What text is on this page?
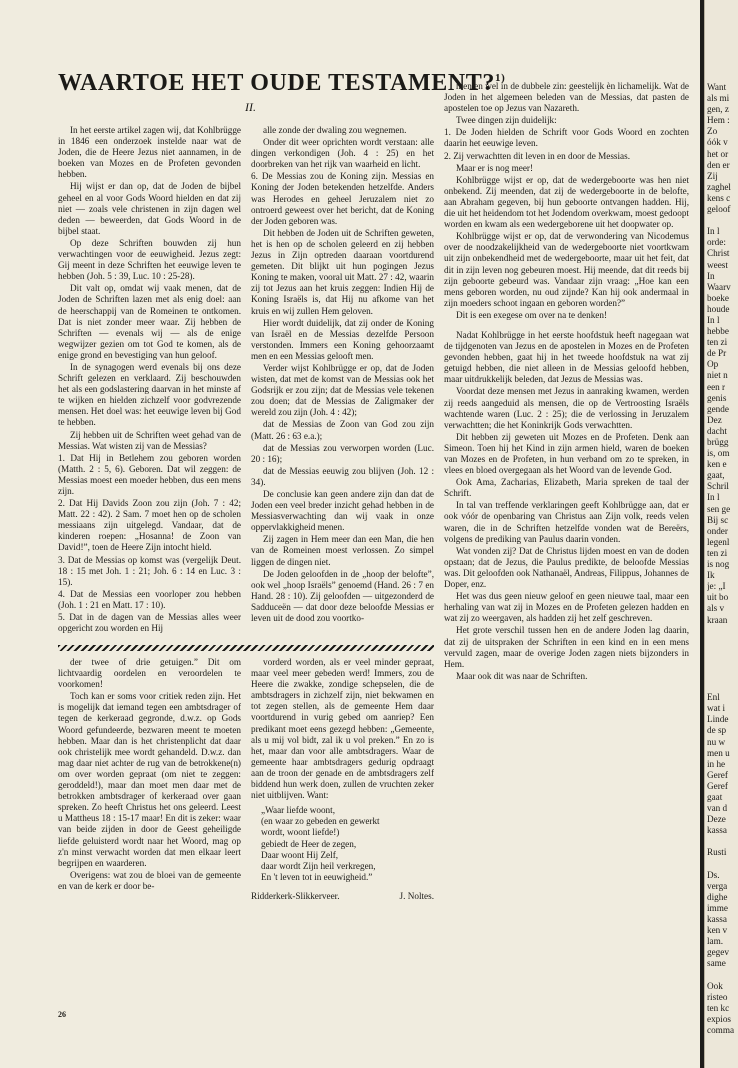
WAARTOE HET OUDE TESTAMENT?$^{1)}$
II.

In het eerste artikel zagen wij, dat Kohlbrügge in 1846 een onderzoek instelde naar wat de Joden, die de Heere Jezus niet aannamen, in de boeken van Mozes en de Profeten gevonden hebben.

Hij wijst er dan op, dat de Joden de bijbel geheel en al voor Gods Woord hielden en dat zij niet — zoals vele christenen in zijn dagen wel deden — beweerden, dat Gods Woord in de bijbel staat.

Op deze Schriften bouwden zij hun verwachtingen voor de eeuwigheid. Jezus zegt: Gij meent in deze Schriften het eeuwige leven te hebben (Joh. 5 : 39, Luc. 10 : 25-28).

Dit valt op, omdat wij vaak menen, dat de Joden de Schriften lazen met als enig doel: aan de heerschappij van de Romeinen te ontkomen. Dat is niet zonder meer waar. Zij hebben de Schriften — evenals wij — als de enige wegwijzer gezien om tot God te komen, als de enige grond en bevestiging van hun geloof.

In de synagogen werd evenals bij ons deze Schrift gelezen en verklaard. Zij beschouwden het als een godslastering daarvan in het minste af te wijken en hielden zichzelf voor godvrezende mensen. Het doel was: het eeuwige leven bij God te hebben.

Zij hebben uit de Schriften weet gehad van de Messias. Wat wisten zij van de Messias?

1. Dat Hij in Betlehem zou geboren worden (Matth. 2 : 5, 6). Geboren. Dat wil zeggen: de Messias moest een moeder hebben, dus een mens zijn.

2. Dat Hij Davids Zoon zou zijn (Joh. 7 : 42; Matt. 22 : 42). 2 Sam. 7 moet hen op de scholen messiaans zijn uitgelegd. Vandaar, dat de kinderen roepen: „Hosanna! de Zoon van David!”, toen de Heere Zijn intocht hield.

3. Dat de Messias op komst was (vergelijk Deut. 18 : 15 met Joh. 1 : 21; Joh. 6 : 14 en Luc. 3 : 15).

4. Dat de Messias een voorloper zou hebben (Joh. 1 : 21 en Matt. 17 : 10).

5. Dat in de dagen van de Messias alles weer opgericht zou worden en Hij

alle zonde der dwaling zou wegnemen.

Onder dit weer oprichten wordt verstaan: alle dingen verkondigen (Joh. 4 : 25) en het doorbreken van het rijk van waarheid en licht.

6. De Messias zou de Koning zijn. Messias en Koning der Joden betekenden hetzelfde. Anders was Herodes en geheel Jeruzalem niet zo ontroerd geweest over het bericht, dat de Koning der Joden geboren was.

Dit hebben de Joden uit de Schriften geweten, het is hen op de scholen geleerd en zij hebben Jezus in Zijn optreden daaraan voortdurend gemeten. Dit blijkt uit hun pogingen Jezus Koning te maken, vooral uit Matt. 27 : 42, waarin zij tot Jezus aan het kruis zeggen: Indien Hij de Koning Israëls is, dat Hij nu afkome van het kruis en wij zullen Hem geloven.

Hier wordt duidelijk, dat zij onder de Koning van Israël en de Messias dezelfde Persoon verstonden. Immers een Koning gehoorzaamt men en een Messias gelooft men.

Verder wijst Kohlbrügge er op, dat de Joden wisten, dat met de komst van de Messias ook het Godsrijk er zou zijn; dat de Messias vele tekenen zou doen; dat de Messias de Zaligmaker der wereld zou zijn (Joh. 4 : 42);

dat de Messias de Zoon van God zou zijn (Matt. 26 : 63 e.a.);

dat de Messias zou verworpen worden (Luc. 20 : 16);

dat de Messias eeuwig zou blijven (Joh. 12 : 34).

De conclusie kan geen andere zijn dan dat de Joden een veel breder inzicht gehad hebben in de Messiasverwachting dan wij vaak in onze oppervlakkigheid menen.

Zij zagen in Hem meer dan een Man, die hen van de Romeinen moest verlossen. Zo simpel liggen de dingen niet.

De Joden geloofden in de „hoop der belofte”, ook wel „hoop Israëls” genoemd (Hand. 26 : 7 en Hand. 28 : 10). Zij geloofden — uitgezonderd de Sadduceën — dat door deze beloofde Messias er leven uit de dood zou voortko-

men en wel in de dubbele zin: geestelijk èn lichamelijk. Wat de Joden in het algemeen beleden van de Messias, dat pasten de apostelen toe op Jezus van Nazareth.

Twee dingen zijn duidelijk:

1. De Joden hielden de Schrift voor Gods Woord en zochten daarin het eeuwige leven.

2. Zij verwachtten dit leven in en door de Messias.

Maar er is nog meer!

Kohlbrügge wijst er op, dat de wedergeboorte was hen niet onbekend. Zij meenden, dat zij de wedergeboorte in de belofte, aan Abraham gegeven, bij hun geboorte ontvangen hadden. Hij, die uit het heidendom tot het Jodendom overkwam, moest gedoopt worden en kwam als een wedergeborene uit het doopwater op.

Kohlbrügge wijst er op, dat de verwondering van Nicodemus over de noodzakelijkheid van de wedergeboorte niet voortkwam uit zijn onbekendheid met de wedergeboorte, maar uit het feit, dat dit in zijn leven nog gebeuren moest. Hij meende, dat dit reeds bij zijn geboorte gebeurd was. Vandaar zijn vraag: „Hoe kan een mens geboren worden, nu oud zijnde? Kan hij ook andermaal in zijn moeders schoot ingaan en geboren worden?”

Dit is een exegese om over na te denken!

Nadat Kohlbrügge in het eerste hoofdstuk heeft nagegaan wat de tijdgenoten van Jezus en de apostelen in Mozes en de Profeten gevonden hebben, gaat hij in het tweede hoofdstuk na wat zij getuigd hebben, die niet alleen in de Messias geloofd hebben, maar uitdrukkelijk beleden, dat Jezus de Messias was.

Voordat deze mensen met Jezus in aanraking kwamen, werden zij reeds aangeduid als mensen, die op de Vertroosting Israëls wachtende waren (Luc. 2 : 25); die de verlossing in Jeruzalem verwachtten; die het Koninkrijk Gods verwachtten.

Dit hebben zij geweten uit Mozes en de Profeten. Denk aan Simeon. Toen hij het Kind in zijn armen hield, waren de boeken van Mozes en de Profeten, in hun verband om zo te spreken, in vlees en bloed overgegaan als het Woord van de levende God.

Ook Ama, Zacharias, Elizabeth, Maria spreken de taal der Schrift.

In tal van treffende verklaringen geeft Kohlbrügge aan, dat er ook vóór de openbaring van Christus aan Zijn volk, reeds velen waren, die in de Schriften hetzelfde vonden wat de Bereërs, volgens de prediking van Paulus daarin vonden.

Wat vonden zij? Dat de Christus lijden moest en van de doden opstaan; dat de Jezus, die Paulus predikte, de beloofde Messias was. Dit geloofden ook Nathanaël, Andreas, Filippus, Johannes de Doper, enz.

Het was dus geen nieuw geloof en geen nieuwe taal, maar een herhaling van wat zij in Mozes en de Profeten gelezen hadden en wat zij zo weergaven, als hadden zij het zelf geschreven.

Het grote verschil tussen hen en de andere Joden lag daarin, dat zij de uitspraken der Schriften in een kind en in een mens vervuld zagen, maar de overige Joden zagen niets bijzonders in Hem.

Maar ook dit was naar de Schriften.

der twee of drie getuigen.” Dit om lichtvaardig oordelen en veroordelen te voorkomen!

Toch kan er soms voor critiek reden zijn. Het is mogelijk dat iemand tegen een ambtsdrager of tegen de kerkeraad gegronde, d.w.z. op Gods Woord gefundeerde, bezwaren meent te moeten hebben. Maar dan is het christenplicht dat daar ook christelijk mee wordt gehandeld. D.w.z. dan mag daar niet achter de rug van de betrokkene(n) om over worden gepraat (om niet te zeggen: geroddeld!), maar dan moet men daar met de betrokken ambtsdrager of kerkeraad over gaan spreken. Zo heeft Christus het ons geleerd. Leest u Mattheus 18 : 15-17 maar! En dit is zeker: waar van beide zijden in door de Geest geheiligde liefde geluisterd wordt naar het Woord, mag op z'n minst verwacht worden dat men elkaar leert begrijpen en waarderen.

Overigens: wat zou de bloei van de gemeente en van de kerk er door be-

vorderd worden, als er veel minder gepraat, maar veel meer gebeden werd! Immers, zou de Heere die zwakke, zondige schepselen, die de ambtsdragers in zichzelf zijn, niet bekwamen en tot zegen stellen, als de gemeente Hem daar voortdurend in vurig gebed om aanriep? Een predikant moet eens gezegd hebben: „Gemeente, als u mij vol bidt, zal ik u vol preken.” En zo is het, maar dan voor alle ambtsdragers. Waar de gemeente haar ambtsdragers gedurig opdraagt aan de troon der genade en de ambtsdragers zelf biddend hun werk doen, zullen de vruchten zeker niet uitblijven. Want:

„Waar liefde woont,
(en waar zo gebeden en gewerkt
wordt, woont liefde!)
gebiedt de Heer de zegen,
Daar woont Hij Zelf,
daar wordt Zijn heil verkregen,
En 't leven tot in eeuwigheid.”
Ridderkerk-Slikkerveer.	J. Noltes.
26
Want
als mi
gen, z
Hem :
Zo
óók v
het or
den er
Zij
zaghel
kens c
geloof

In l
orde:
Christ
weest
In
Waarv
boeke
houde
In l
hebbe
ten zi
de Pr
Op
niet n
een r
genis
gende
Dez
dacht
brügg
is, om
ken e
gaat,
Schril
In l
sen ge
Bij sc
onder
legenl
ten zi
is nog
Ik
je: „I
uit bo
als v
kraan

Enl
wat i
Linde
de sp
nu w
men u
in he
Geref
Geref
gaat
van d
Deze
kassa

Rusti

Ds.
verga
dighe
imme
kassa
ken v
lam.
gegev
same

Ook
risteo
ten kc
expios
comma
